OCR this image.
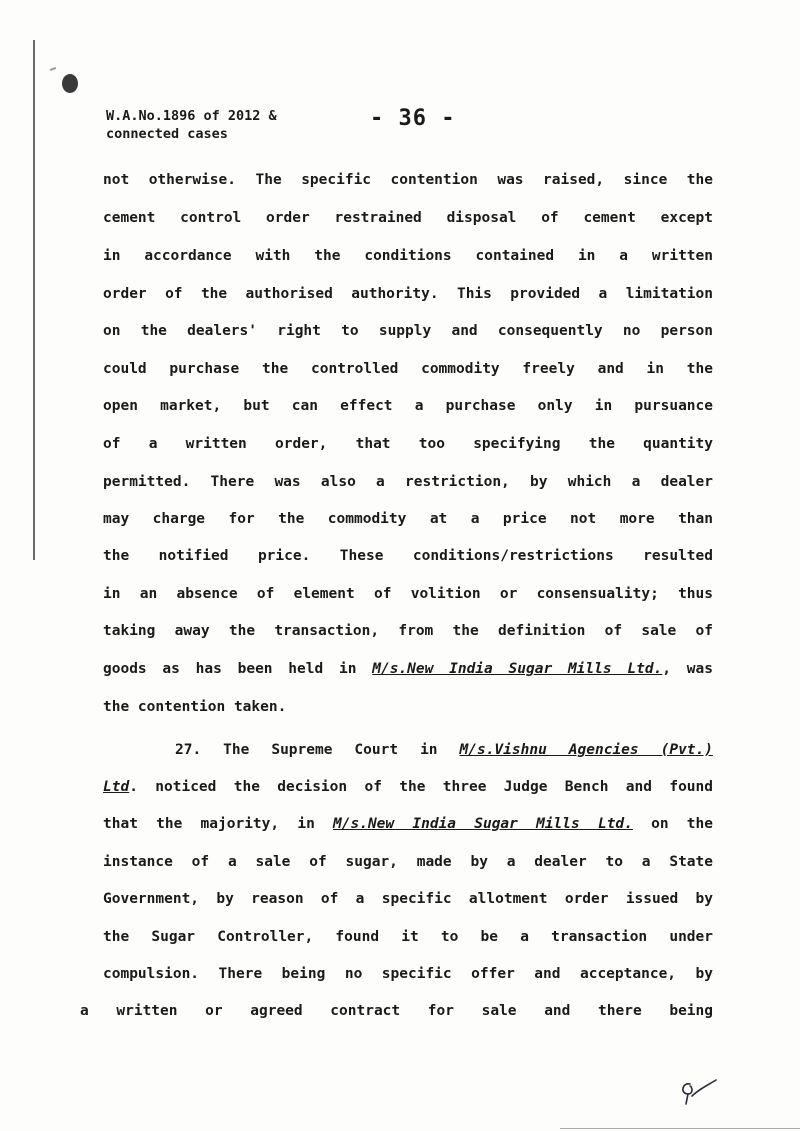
W.A.No.1896 of 2012 &
connected cases
- 36 -
not otherwise. The specific contention was raised, since the
cement control order restrained disposal of cement except
in accordance with the conditions contained in a written
order of the authorised authority. This provided a limitation
on the dealers' right to supply and consequently no person
could purchase the controlled commodity freely and in the
open market, but can effect a purchase only in pursuance
of a written order, that too specifying the quantity
permitted. There was also a restriction, by which a dealer
may charge for the commodity at a price not more than
the notified price. These conditions/restrictions resulted
in an absence of element of volition or consensuality; thus
taking away the transaction, from the definition of sale of
goods as has been held in M/s.New India Sugar Mills Ltd., was
the contention taken.
27. The Supreme Court in M/s.Vishnu Agencies (Pvt.)
Ltd. noticed the decision of the three Judge Bench and found
that the majority, in M/s.New India Sugar Mills Ltd. on the
instance of a sale of sugar, made by a dealer to a State
Government, by reason of a specific allotment order issued by
the Sugar Controller, found it to be a transaction under
compulsion. There being no specific offer and acceptance, by
a written or agreed contract for sale and there being
